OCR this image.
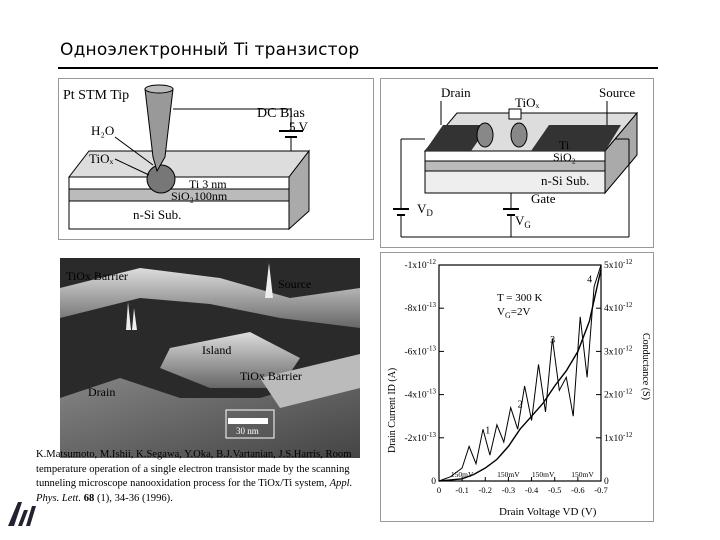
Одноэлектронный Ti транзистор
Pt STM Tip
DC Bias
5 V
H₂O
TiOₓ
Ti 3 nm
SiO₂100nm
n-Si Sub.
Drain	Source
TiOₓ
Ti
SiO₂
n-Si Sub.
Gate
$V_D$	$V_G$
TiOx Barrier
Source
Island
TiOx Barrier
Drain
30 nm
$-1x10^{-12}$
$-8x10^{-13}$
$-6x10^{-13}$
$-4x10^{-13}$
$-2x10^{-13}$
0
$5x10^{-12}$
$4x10^{-12}$
$3x10^{-12}$
$2x10^{-12}$
$1x10^{-12}$
0
0 -0.1 -0.2 -0.3 -0.4 -0.5 -0.6 -0.7
150mV	150mV 150mV 150mV
1
2
3
4
T = 300 K
$V_G=2V$
Drain Voltage VD (V)
Drain Current ID (A)
Conductance (S)
K.Matsumoto, M.Ishii, K.Segawa, Y.Oka, B.J.Vartanian, J.S.Harris, Room temperature operation of a single electron transistor made by the scanning tunneling microscope nanooxidation process for the TiOx/Ti system, Appl. Phys. Lett. 68 (1), 34-36 (1996).
